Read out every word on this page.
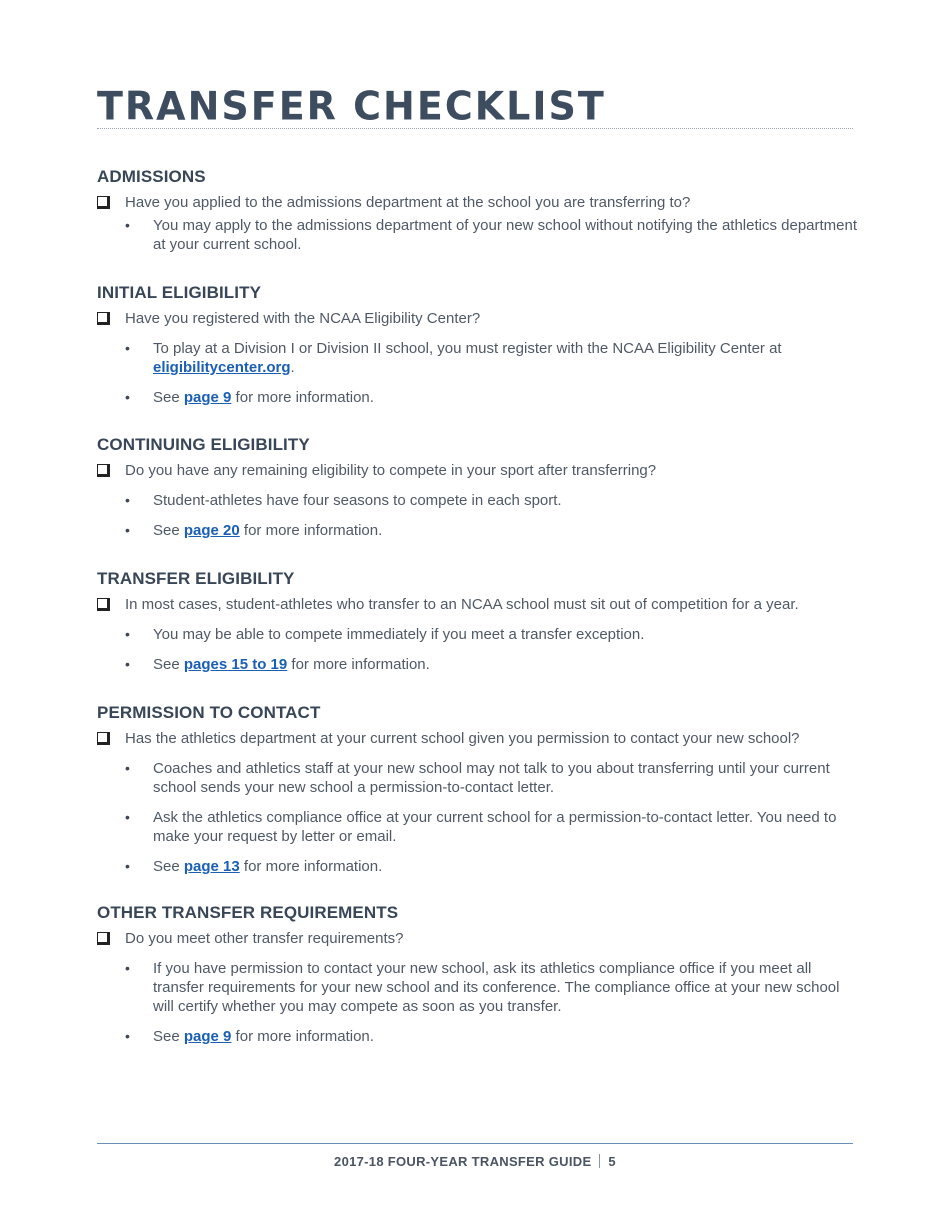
TRANSFER CHECKLIST
ADMISSIONS
Have you applied to the admissions department at the school you are transferring to?
• You may apply to the admissions department of your new school without notifying the athletics department at your current school.
INITIAL ELIGIBILITY
Have you registered with the NCAA Eligibility Center?
• To play at a Division I or Division II school, you must register with the NCAA Eligibility Center at eligibilitycenter.org.
• See page 9 for more information.
CONTINUING ELIGIBILITY
Do you have any remaining eligibility to compete in your sport after transferring?
• Student-athletes have four seasons to compete in each sport.
• See page 20 for more information.
TRANSFER ELIGIBILITY
In most cases, student-athletes who transfer to an NCAA school must sit out of competition for a year.
• You may be able to compete immediately if you meet a transfer exception.
• See pages 15 to 19 for more information.
PERMISSION TO CONTACT
Has the athletics department at your current school given you permission to contact your new school?
• Coaches and athletics staff at your new school may not talk to you about transferring until your current school sends your new school a permission-to-contact letter.
• Ask the athletics compliance office at your current school for a permission-to-contact letter. You need to make your request by letter or email.
• See page 13 for more information.
OTHER TRANSFER REQUIREMENTS
Do you meet other transfer requirements?
• If you have permission to contact your new school, ask its athletics compliance office if you meet all transfer requirements for your new school and its conference. The compliance office at your new school will certify whether you may compete as soon as you transfer.
• See page 9 for more information.
2017-18 FOUR-YEAR TRANSFER GUIDE 5
